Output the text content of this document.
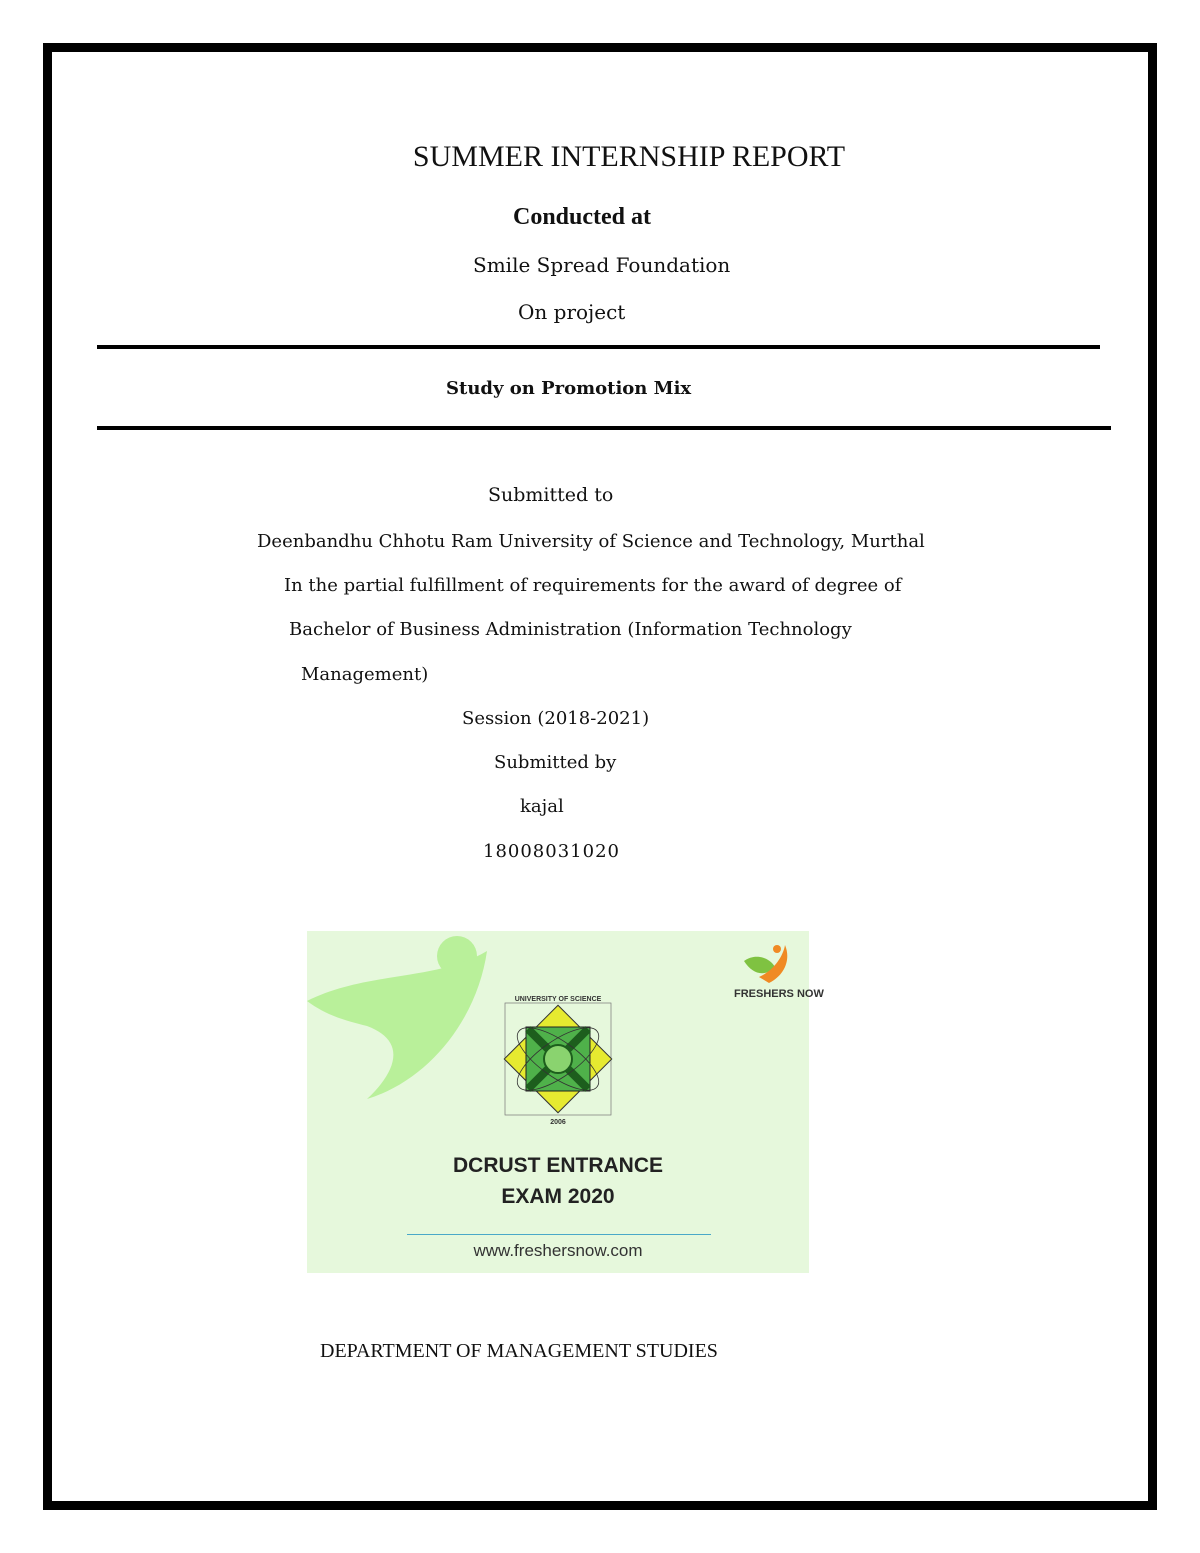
SUMMER INTERNSHIP REPORT
Conducted at
Smile Spread Foundation
On project
Study on Promotion Mix
Submitted to
Deenbandhu Chhotu Ram University of Science and Technology, Murthal
In the partial fulfillment of requirements for the award of degree of
Bachelor of Business Administration (Information Technology
Management)
Session (2018-2021)
Submitted by
kajal
18008031020
FRESHERS NOW
UNIVERSITY OF SCIENCE
2006
DCRUST ENTRANCE
EXAM 2020
www.freshersnow.com
DEPARTMENT OF MANAGEMENT STUDIES
